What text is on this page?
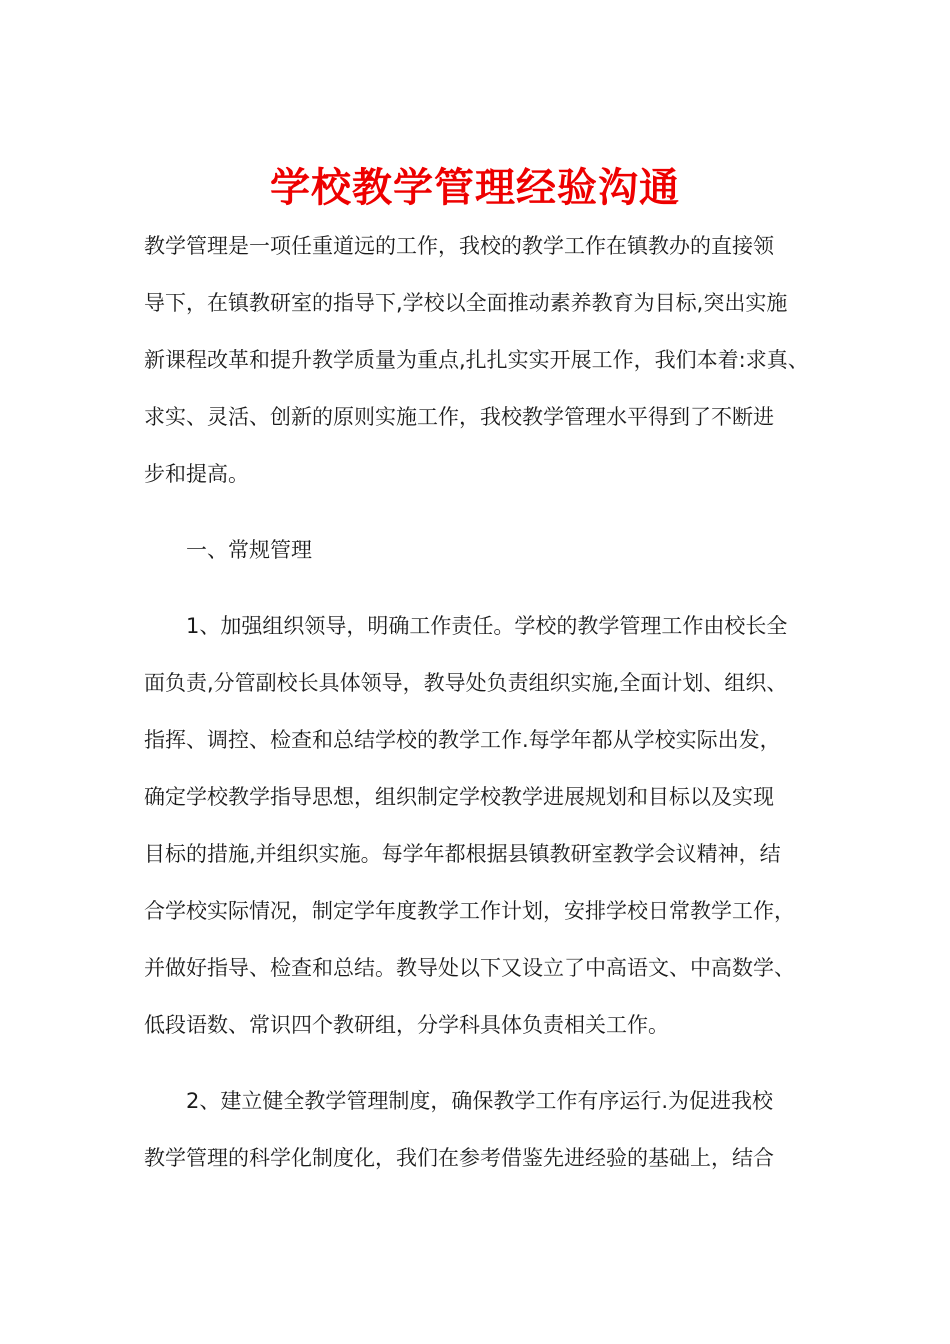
学校教学管理经验沟通
教学管理是一项任重道远的工作，我校的教学工作在镇教办的直接领
导下，在镇教研室的指导下,学校以全面推动素养教育为目标,突出实施
新课程改革和提升教学质量为重点,扎扎实实开展工作，我们本着:求真、
求实、灵活、创新的原则实施工作，我校教学管理水平得到了不断进
步和提高。
一、常规管理
1、加强组织领导，明确工作责任。学校的教学管理工作由校长全
面负责,分管副校长具体领导，教导处负责组织实施,全面计划、组织、
指挥、调控、检查和总结学校的教学工作.每学年都从学校实际出发，
确定学校教学指导思想，组织制定学校教学进展规划和目标以及实现
目标的措施,并组织实施。每学年都根据县镇教研室教学会议精神，结
合学校实际情况，制定学年度教学工作计划，安排学校日常教学工作，
并做好指导、检查和总结。教导处以下又设立了中高语文、中高数学、
低段语数、常识四个教研组，分学科具体负责相关工作。
2、建立健全教学管理制度，确保教学工作有序运行.为促进我校
教学管理的科学化制度化，我们在参考借鉴先进经验的基础上，结合
